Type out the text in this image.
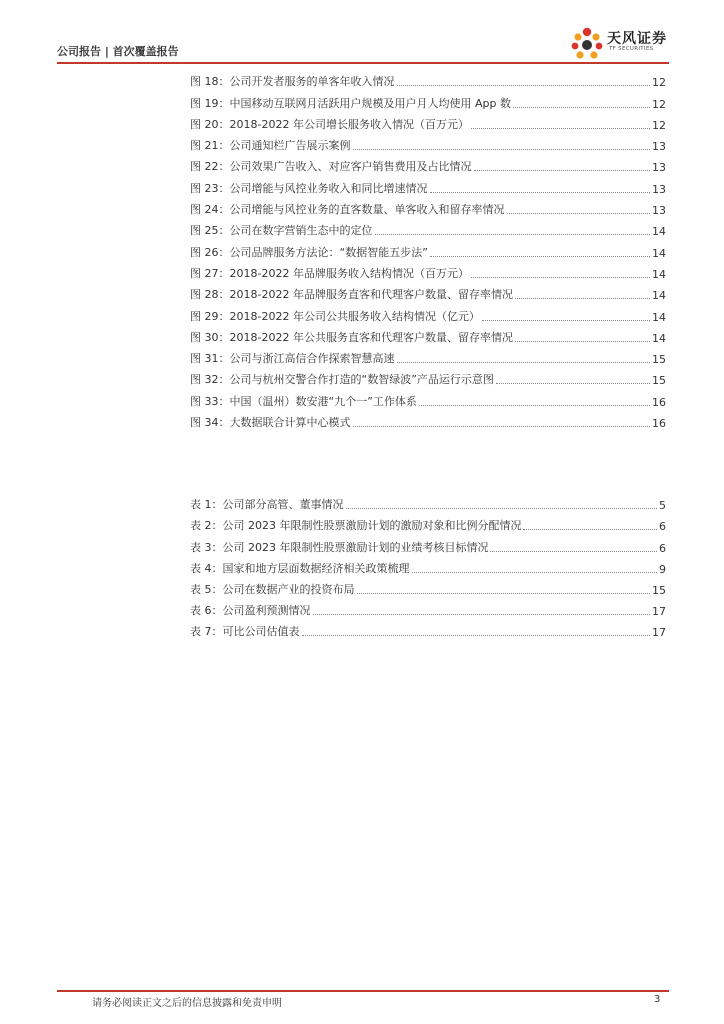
公司报告 | 首次覆盖报告
天风证券
TF SECURITIES
图 18：公司开发者服务的单客年收入情况	12
图 19：中国移动互联网月活跃用户规模及用户月人均使用 App 数	12
图 20：2018-2022 年公司增长服务收入情况（百万元）	12
图 21：公司通知栏广告展示案例	13
图 22：公司效果广告收入、对应客户销售费用及占比情况	13
图 23：公司增能与风控业务收入和同比增速情况	13
图 24：公司增能与风控业务的直客数量、单客收入和留存率情况	13
图 25：公司在数字营销生态中的定位	14
图 26：公司品牌服务方法论：“数据智能五步法”	14
图 27：2018-2022 年品牌服务收入结构情况（百万元）	14
图 28：2018-2022 年品牌服务直客和代理客户数量、留存率情况	14
图 29：2018-2022 年公司公共服务收入结构情况（亿元）	14
图 30：2018-2022 年公共服务直客和代理客户数量、留存率情况	14
图 31：公司与浙江高信合作探索智慧高速	15
图 32：公司与杭州交警合作打造的“数智绿波”产品运行示意图	15
图 33：中国（温州）数安港“九个一”工作体系	16
图 34：大数据联合计算中心模式	16
表 1：公司部分高管、董事情况	5
表 2：公司 2023 年限制性股票激励计划的激励对象和比例分配情况	6
表 3：公司 2023 年限制性股票激励计划的业绩考核目标情况	6
表 4：国家和地方层面数据经济相关政策梳理	9
表 5：公司在数据产业的投资布局	15
表 6：公司盈利预测情况	17
表 7：可比公司估值表	17
请务必阅读正文之后的信息披露和免责申明	3
